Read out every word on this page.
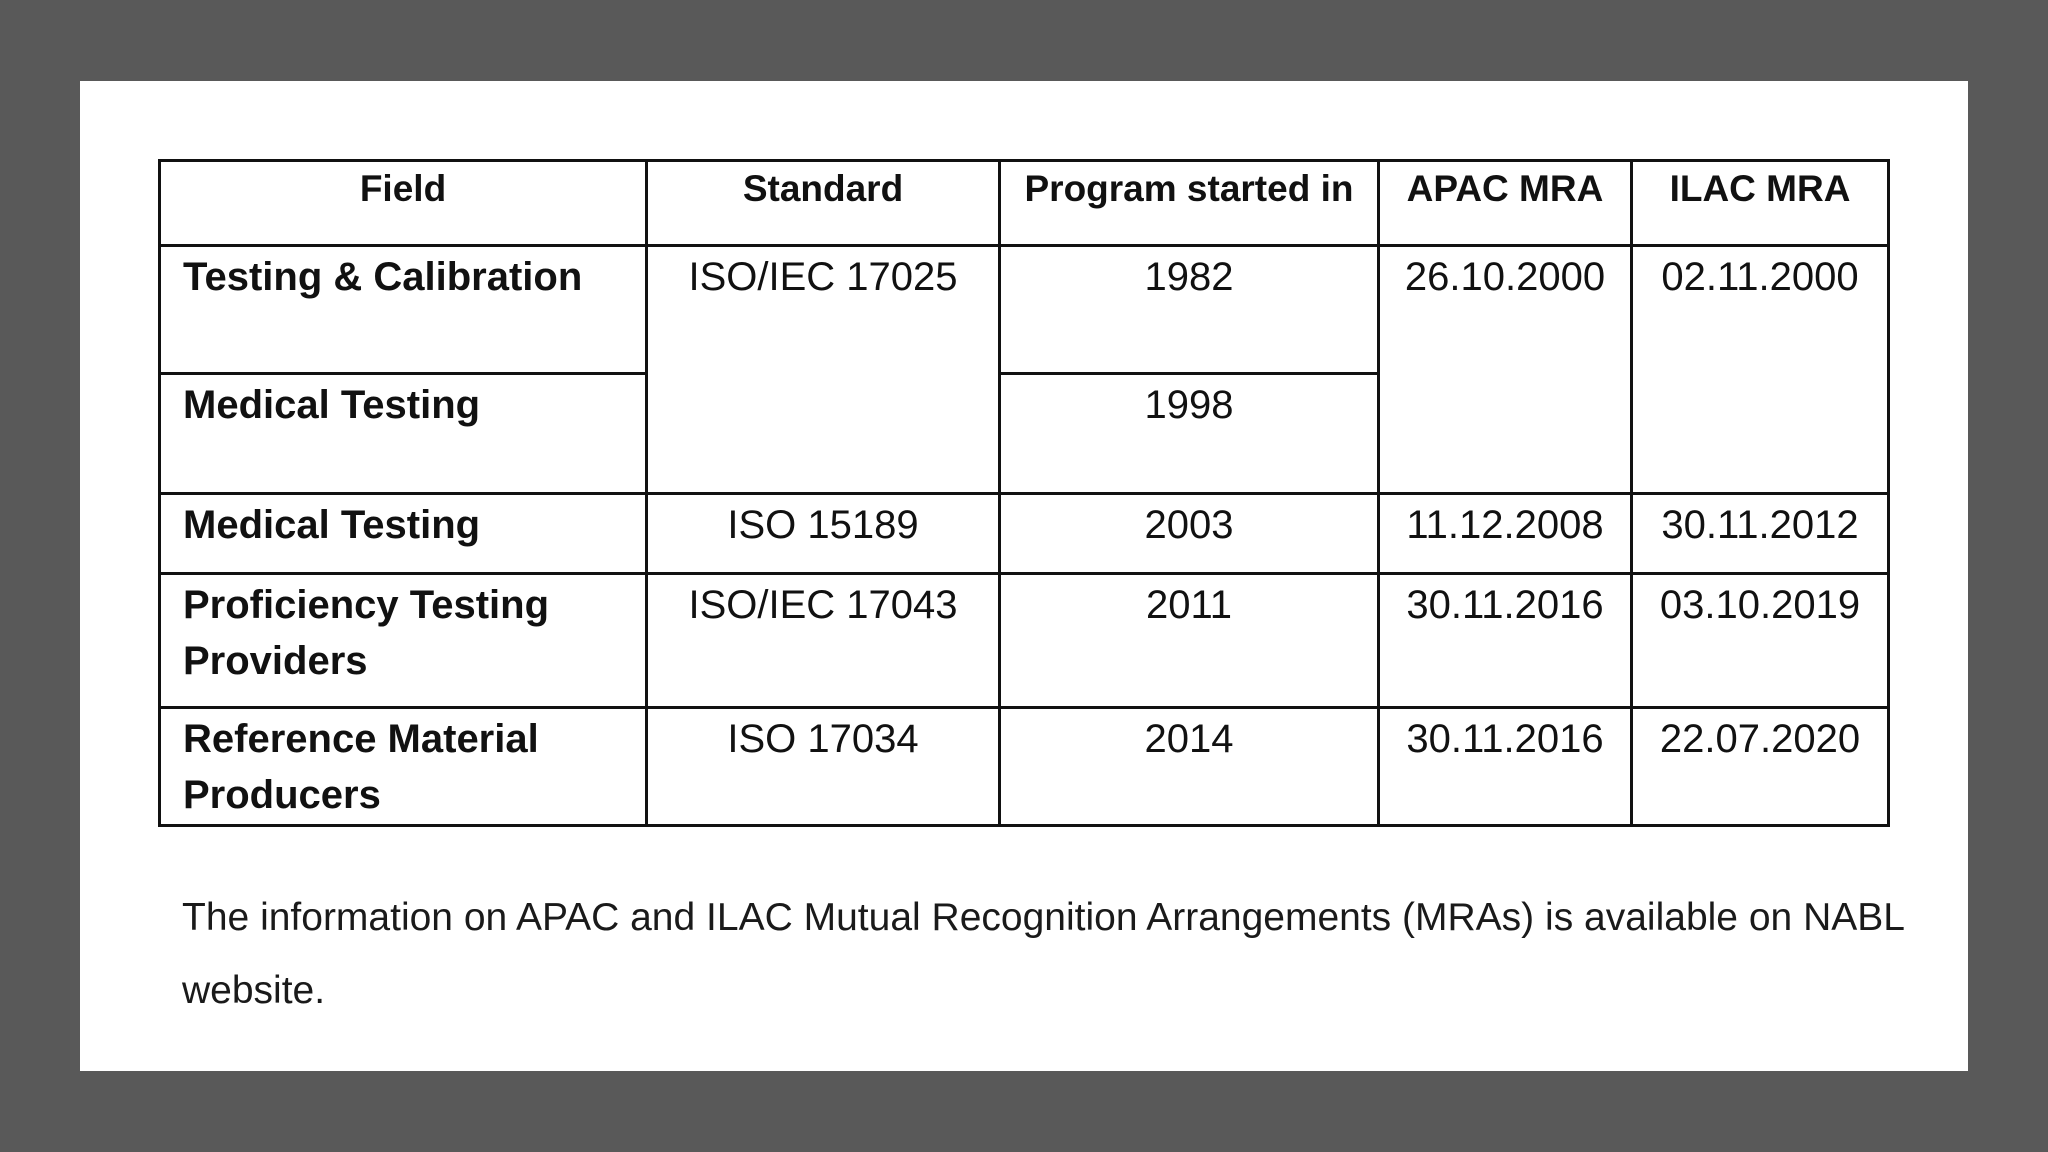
Field	Standard	Program started in	APAC MRA	ILAC MRA
Testing & Calibration	ISO/IEC 17025	1982	26.10.2000	02.11.2000
Medical Testing		1998		
Medical Testing	ISO 15189	2003	11.12.2008	30.11.2012
Proficiency Testing Providers	ISO/IEC 17043	2011	30.11.2016	03.10.2019
Reference Material Producers	ISO 17034	2014	30.11.2016	22.07.2020

The information on APAC and ILAC Mutual Recognition Arrangements (MRAs) is available on NABL website.
